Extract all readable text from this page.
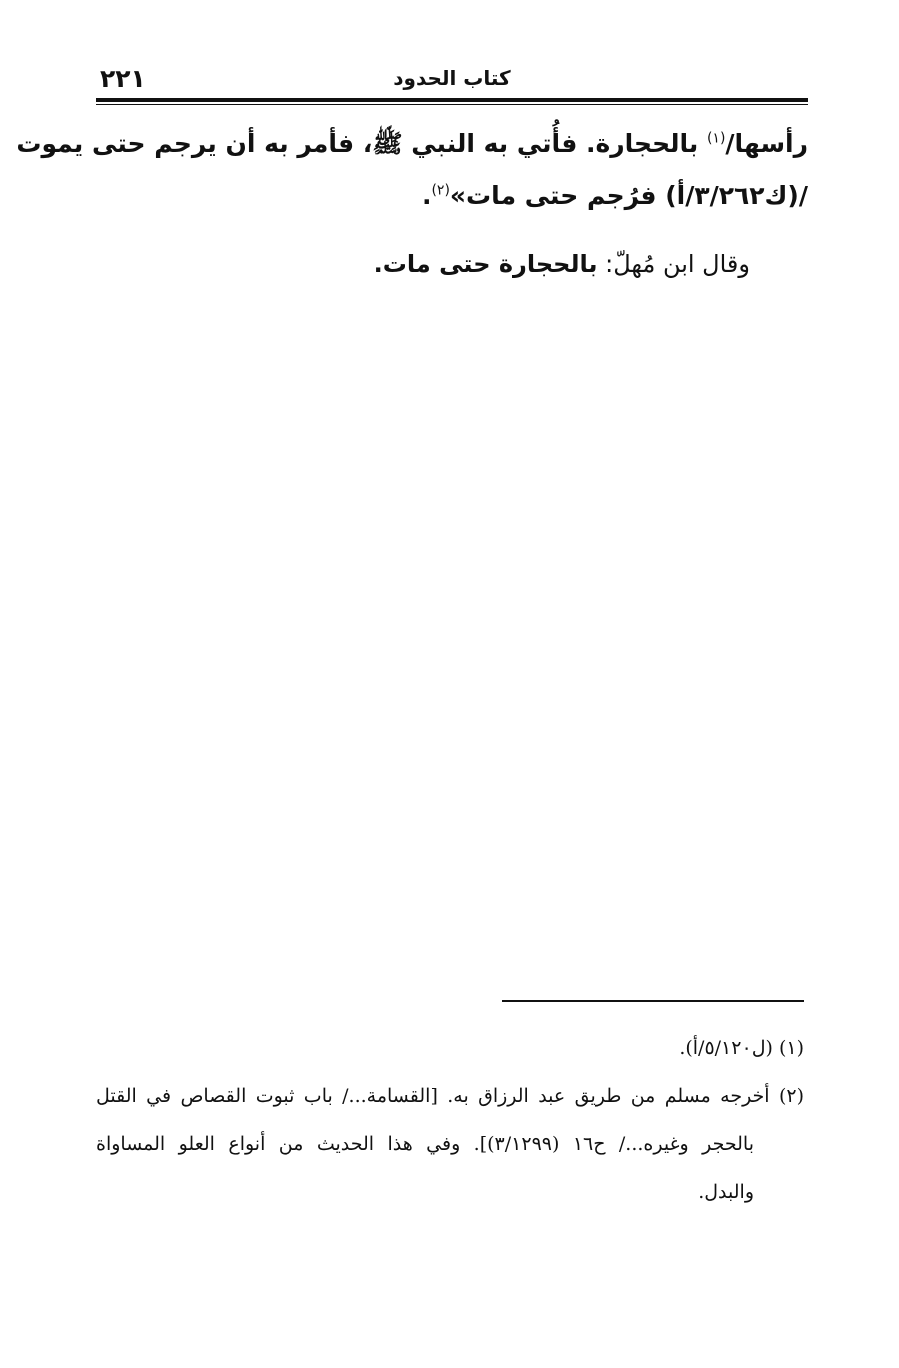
٢٢١	كتاب الحدود
رأسها/$^{(١)}$ بالحجارة. فأُتي به النبي ﷺ، فأمر به أن يرجم حتى يموت
/(ك٣/٢٦٢/أ) فرُجم حتى مات»$^{(٢)}$.
وقال ابن مُهلّ: بالحجارة حتى مات.
(١) (ل٥/١٢٠/أ).
(٢) أخرجه مسلم من طريق عبد الرزاق به. [القسامة.../ باب ثبوت القصاص في القتل
بالحجر وغيره.../ ح١٦ (٣/١٢٩٩)]. وفي هذا الحديث من أنواع العلو المساواة
والبدل.
